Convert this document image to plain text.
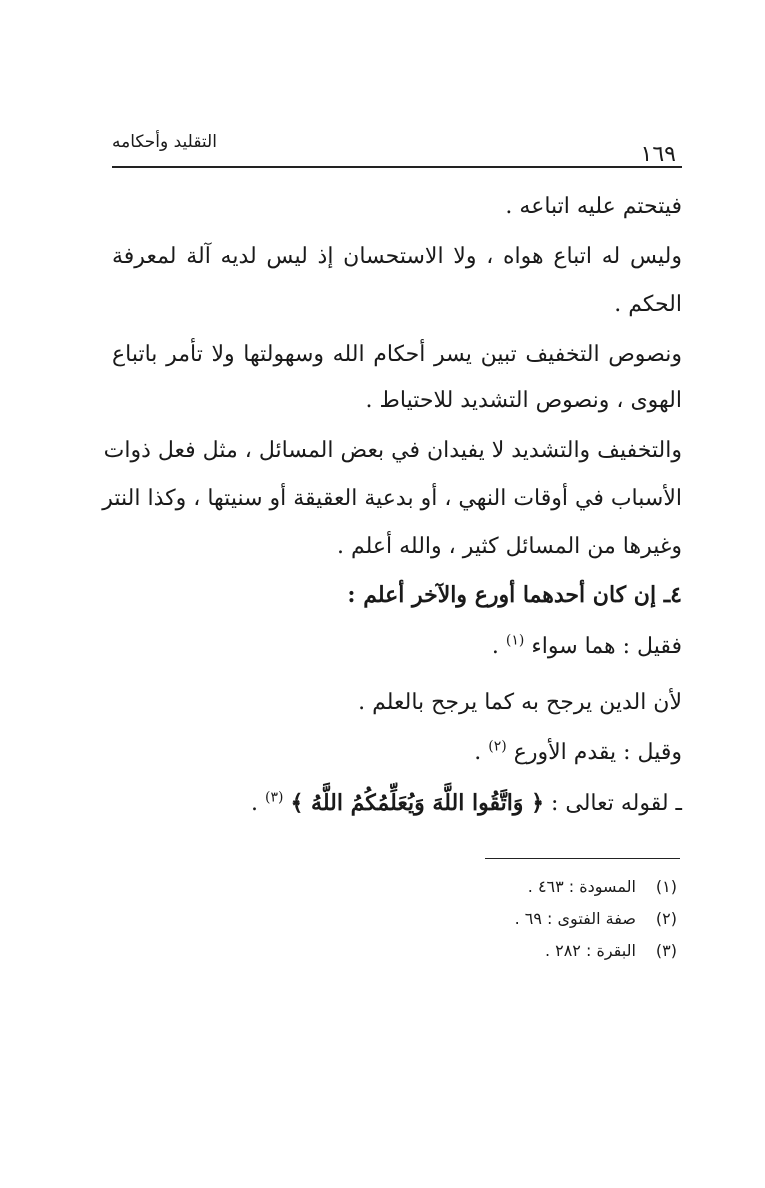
١٦٩
التقليد وأحكامه
فيتحتم عليه اتباعه .
وليس له اتباع هواه ، ولا الاستحسان إذ ليس لديه آلة لمعرفة
الحكم .
ونصوص التخفيف تبين يسر أحكام الله وسهولتها ولا تأمر باتباع
الهوى ، ونصوص التشديد للاحتياط .
والتخفيف والتشديد لا يفيدان في بعض المسائل ، مثل فعل ذوات
الأسباب في أوقات النهي ، أو بدعية العقيقة أو سنيتها ، وكذا النتر
وغيرها من المسائل كثير ، والله أعلم .
٤ـ إن كان أحدهما أورع والآخر أعلم :
فقيل : هما سواء $^{(١)}$ .
لأن الدين يرجح به كما يرجح بالعلم .
وقيل : يقدم الأورع $^{(٢)}$ .
ـ لقوله تعالى : ﴿ وَاتَّقُوا اللَّهَ وَيُعَلِّمُكُمُ اللَّهُ ﴾ $^{(٣)}$ .
(١) المسودة : ٤٦٣ .
(٢) صفة الفتوى : ٦٩ .
(٣) البقرة : ٢٨٢ .
